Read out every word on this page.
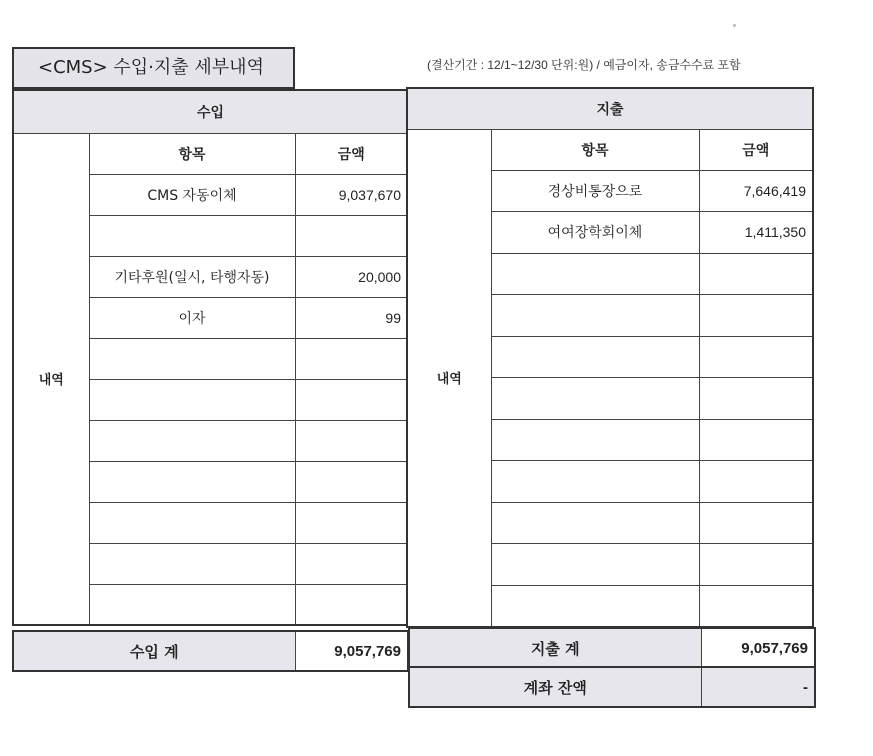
<CMS> 수입·지출 세부내역	(결산기간 : 12/1~12/30 단위:원) / 예금이자, 송금수수료 포함
수입		
내역	항목	금액
	CMS 자동이체	9,037,670

	기타후원(일시, 타행자동)	20,000
	이자	99

지출		
내역	항목	금액
	경상비통장으로	7,646,419
	여여장학회이체	1,411,350

수입 계	9,057,769	지출 계	9,057,769
계좌 잔액	-
